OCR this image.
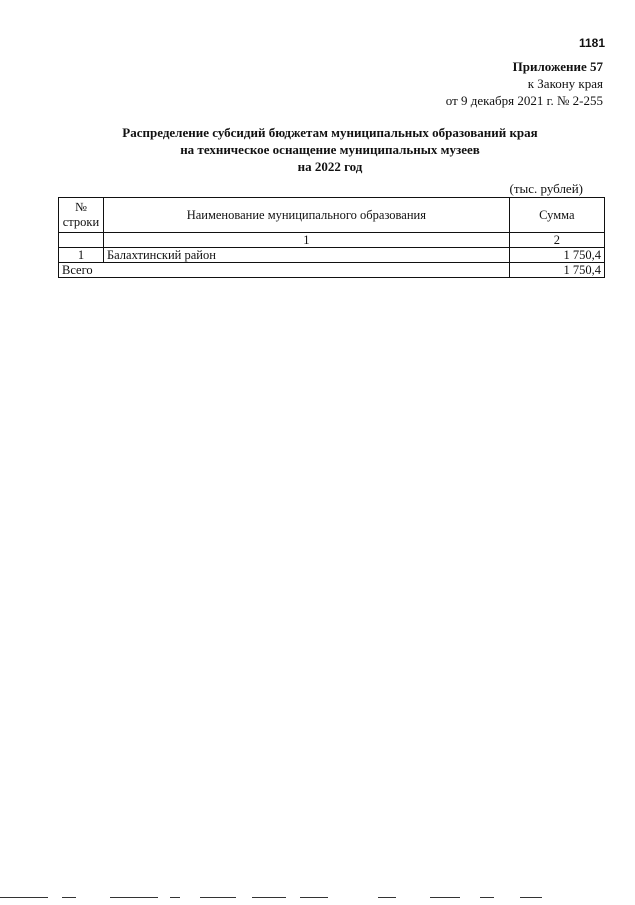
1181
Приложение 57
к Закону края
от 9 декабря 2021 г. № 2-255
Распределение субсидий бюджетам муниципальных образований края
на техническое оснащение муниципальных музеев
на 2022 год
(тыс. рублей)
№
строки	Наименование муниципального образования	Сумма
	1	2
1	Балахтинский район	1 750,4
Всего		1 750,4
